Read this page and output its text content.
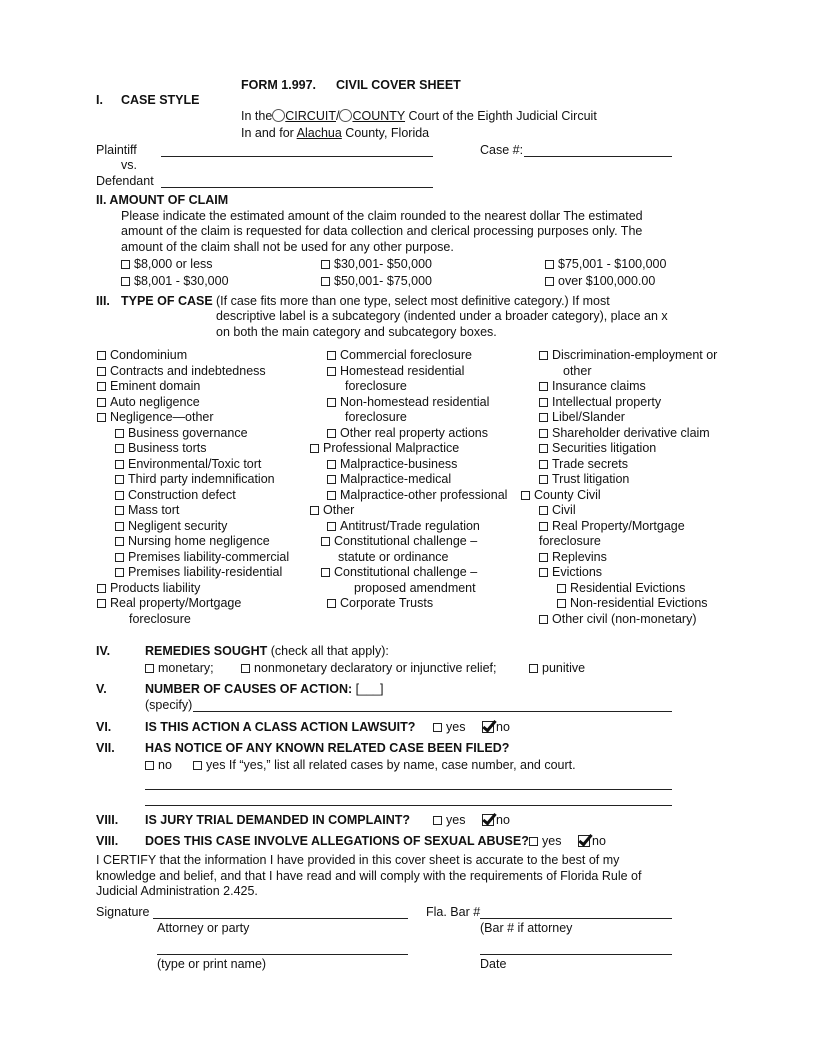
FORM 1.997. CIVIL COVER SHEET
I. CASE STYLE
In the CIRCUIT/ COUNTY Court of the Eighth Judicial Circuit
In and for Alachua County, Florida
Plaintiff	Case #:
vs.
Defendant
II. AMOUNT OF CLAIM
Please indicate the estimated amount of the claim rounded to the nearest dollar The estimated
amount of the claim is requested for data collection and clerical processing purposes only. The
amount of the claim shall not be used for any other purpose.
$8,000 or less	$30,001- $50,000	$75,001 - $100,000
$8,001 - $30,000	$50,001- $75,000	over $100,000.00
III. TYPE OF CASE (If case fits more than one type, select most definitive category.) If most
descriptive label is a subcategory (indented under a broader category), place an x
on both the main category and subcategory boxes.
Condominium
Contracts and indebtedness
Eminent domain
Auto negligence
Negligence—other
Business governance
Business torts
Environmental/Toxic tort
Third party indemnification
Construction defect
Mass tort
Negligent security
Nursing home negligence
Premises liability-commercial
Premises liability-residential
Products liability
Real property/Mortgage
foreclosure
Commercial foreclosure
Homestead residential
foreclosure
Non-homestead residential
foreclosure
Other real property actions
Professional Malpractice
Malpractice-business
Malpractice-medical
Malpractice-other professional
Other
Antitrust/Trade regulation
Constitutional challenge –
statute or ordinance
Constitutional challenge –
proposed amendment
Corporate Trusts
Discrimination-employment or
other
Insurance claims
Intellectual property
Libel/Slander
Shareholder derivative claim
Securities litigation
Trade secrets
Trust litigation
County Civil
Civil
Real Property/Mortgage
foreclosure
Replevins
Evictions
Residential Evictions
Non-residential Evictions
Other civil (non-monetary)
IV.	REMEDIES SOUGHT (check all that apply):
monetary;	nonmonetary declaratory or injunctive relief;	punitive
V.	NUMBER OF CAUSES OF ACTION: [___]
(specify)
VI.	IS THIS ACTION A CLASS ACTION LAWSUIT?	yes	no
VII. HAS NOTICE OF ANY KNOWN RELATED CASE BEEN FILED?
no	yes If “yes,” list all related cases by name, case number, and court.
VIII. IS JURY TRIAL DEMANDED IN COMPLAINT?	yes	no
VIII. DOES THIS CASE INVOLVE ALLEGATIONS OF SEXUAL ABUSE?	yes	no
I CERTIFY that the information I have provided in this cover sheet is accurate to the best of my
knowledge and belief, and that I have read and will comply with the requirements of Florida Rule of
Judicial Administration 2.425.
Signature	Fla. Bar #
Attorney or party	(Bar # if attorney
(type or print name)	Date
